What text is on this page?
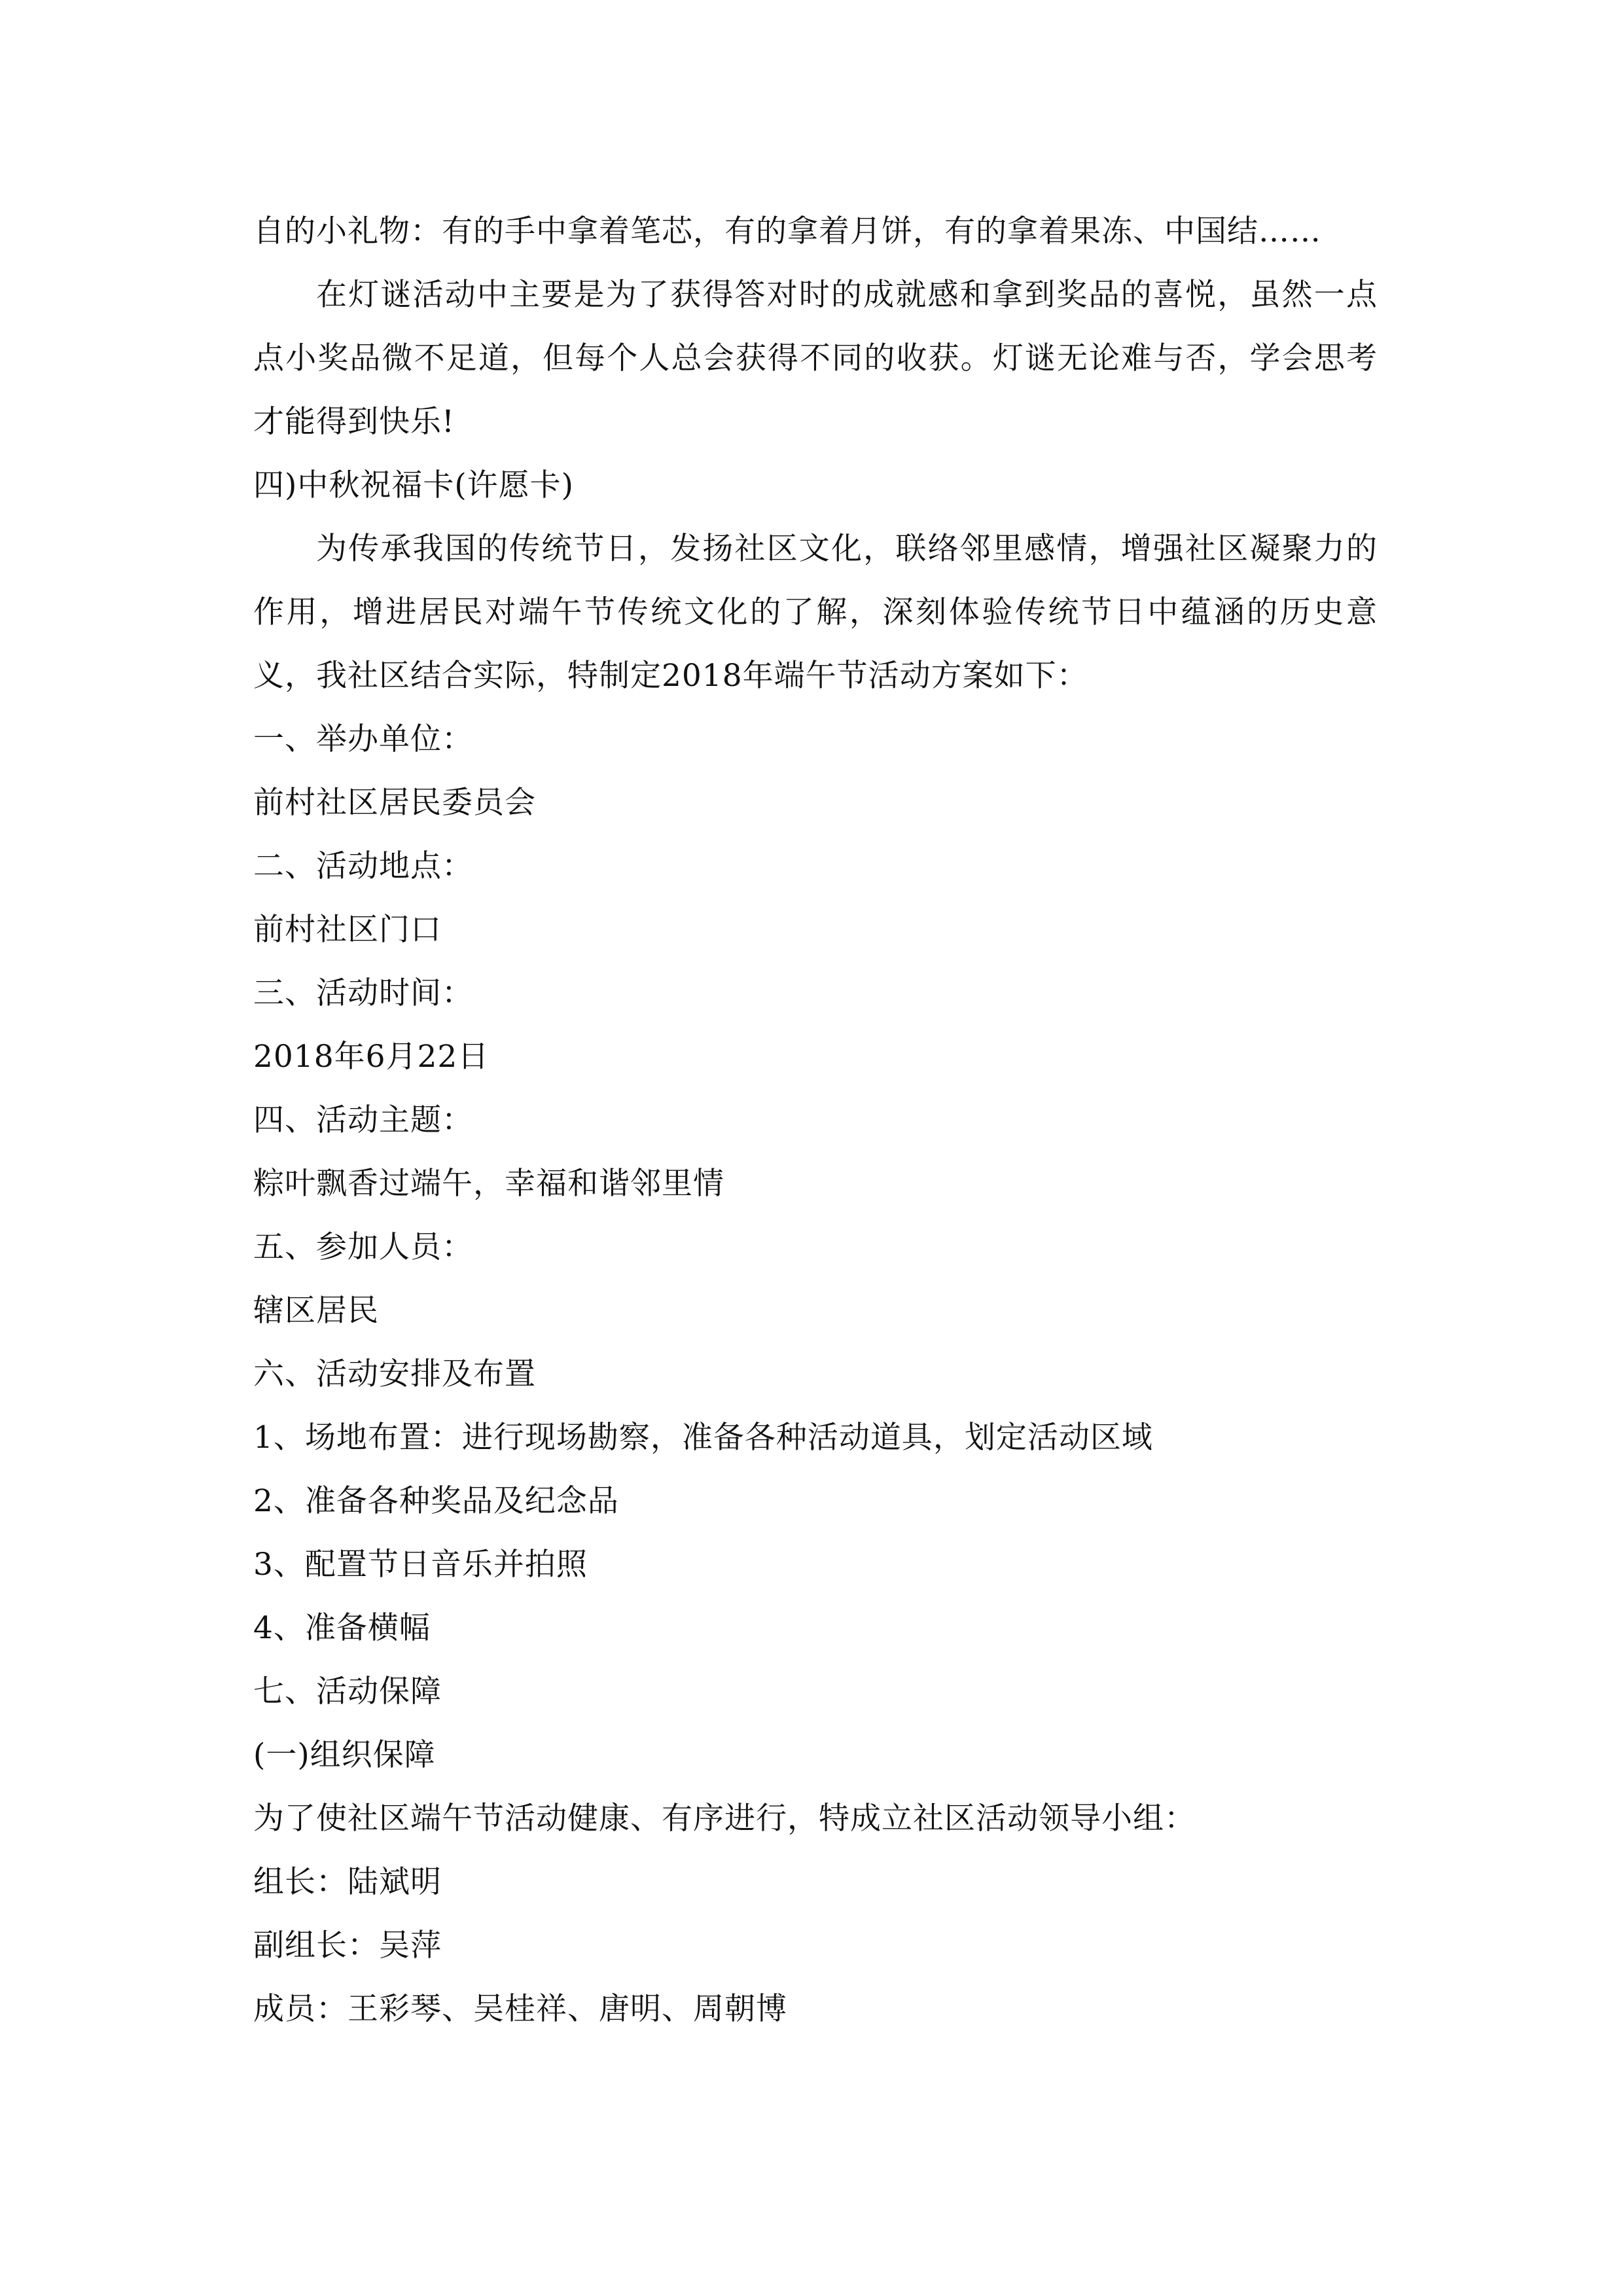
自的小礼物：有的手中拿着笔芯，有的拿着月饼，有的拿着果冻、中国结……

在灯谜活动中主要是为了获得答对时的成就感和拿到奖品的喜悦，虽然一点点小奖品微不足道，但每个人总会获得不同的收获。灯谜无论难与否，学会思考才能得到快乐!

四)中秋祝福卡(许愿卡)

为传承我国的传统节日，发扬社区文化，联络邻里感情，增强社区凝聚力的作用，增进居民对端午节传统文化的了解，深刻体验传统节日中蕴涵的历史意义，我社区结合实际，特制定2018年端午节活动方案如下：

一、举办单位：

前村社区居民委员会

二、活动地点：

前村社区门口

三、活动时间：

2018年6月22日

四、活动主题：

粽叶飘香过端午，幸福和谐邻里情

五、参加人员：

辖区居民

六、活动安排及布置

1、场地布置：进行现场勘察，准备各种活动道具，划定活动区域

2、准备各种奖品及纪念品

3、配置节日音乐并拍照

4、准备横幅

七、活动保障

(一)组织保障

为了使社区端午节活动健康、有序进行，特成立社区活动领导小组：

组长：陆斌明

副组长：吴萍

成员：王彩琴、吴桂祥、唐明、周朝博
